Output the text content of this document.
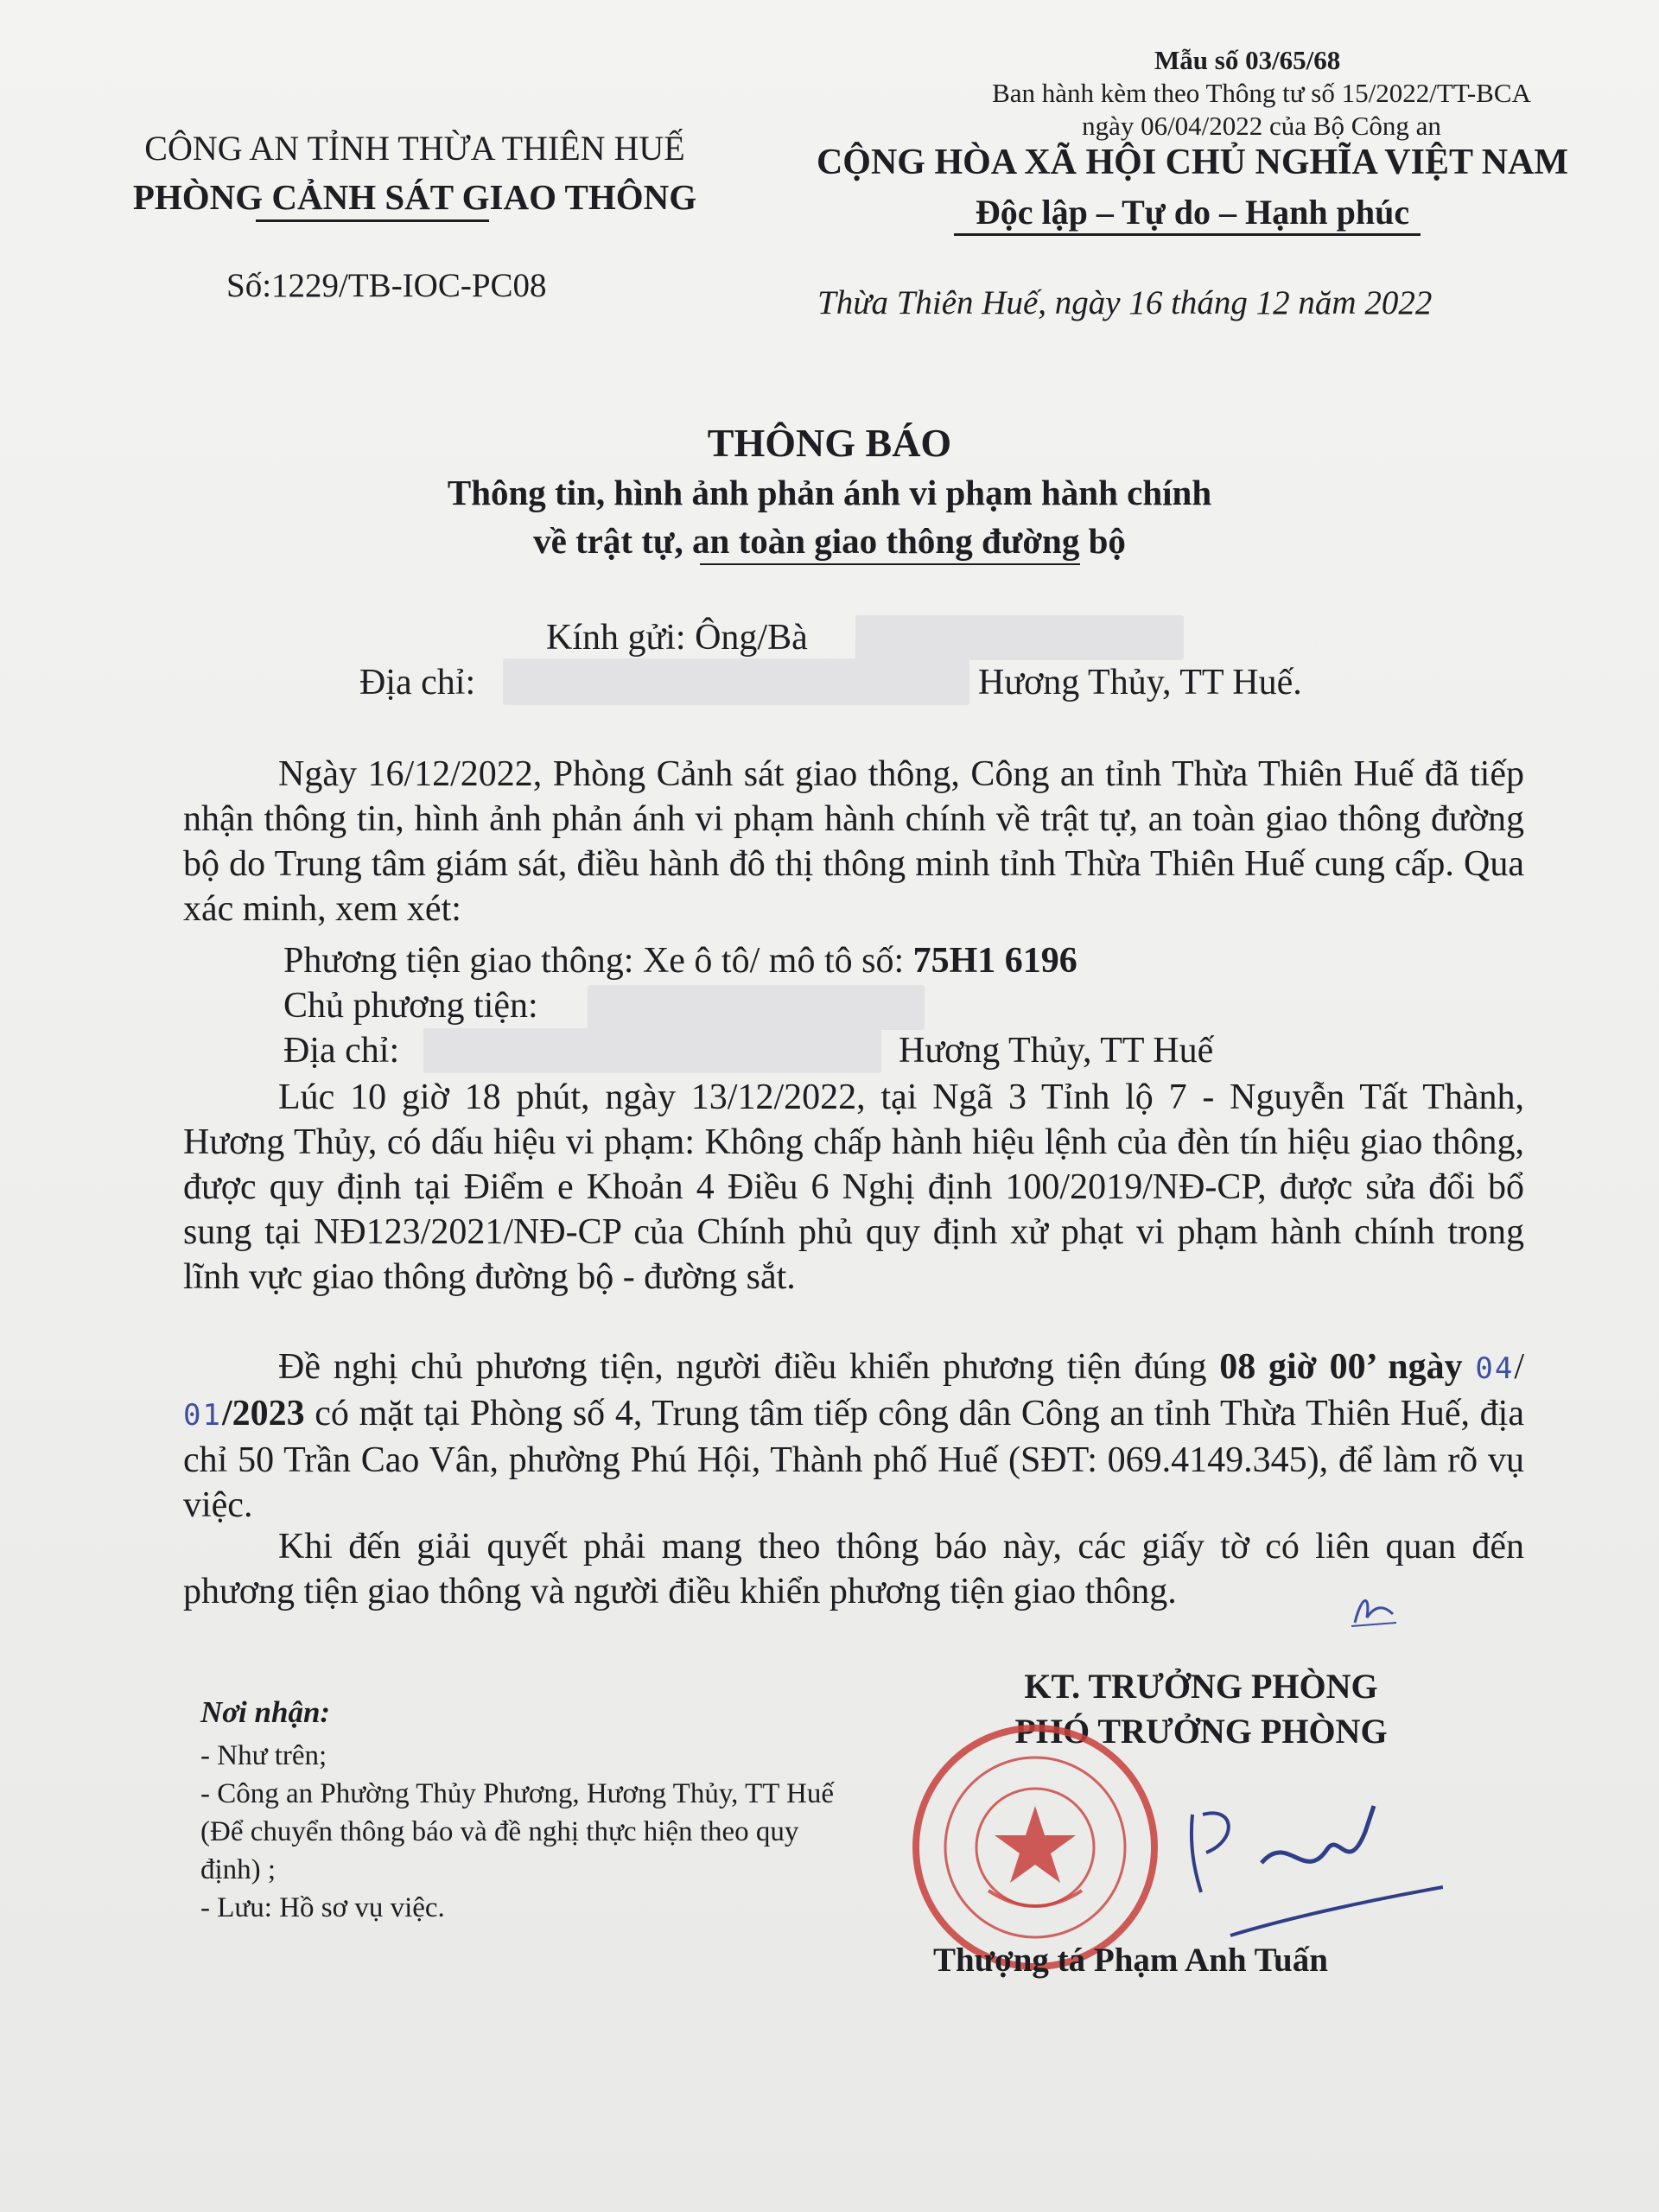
Mẫu số 03/65/68
Ban hành kèm theo Thông tư số 15/2022/TT-BCA
ngày 06/04/2022 của Bộ Công an
CÔNG AN TỈNH THỪA THIÊN HUẾ
PHÒNG CẢNH SÁT GIAO THÔNG
Số:1229/TB-IOC-PC08
CỘNG HÒA XÃ HỘI CHỦ NGHĨA VIỆT NAM
Độc lập – Tự do – Hạnh phúc
Thừa Thiên Huế, ngày 16 tháng 12 năm 2022
THÔNG BÁO
Thông tin, hình ảnh phản ánh vi phạm hành chính
về trật tự, an toàn giao thông đường bộ
Kính gửi: Ông/Bà
Địa chỉ:	Hương Thủy, TT Huế.
Ngày 16/12/2022, Phòng Cảnh sát giao thông, Công an tỉnh Thừa Thiên Huế đã tiếp nhận thông tin, hình ảnh phản ánh vi phạm hành chính về trật tự, an toàn giao thông đường bộ do Trung tâm giám sát, điều hành đô thị thông minh tỉnh Thừa Thiên Huế cung cấp. Qua xác minh, xem xét:
Phương tiện giao thông: Xe ô tô/ mô tô số: 75H1 6196
Chủ phương tiện:
Địa chỉ:	Hương Thủy, TT Huế
Lúc 10 giờ 18 phút, ngày 13/12/2022, tại Ngã 3 Tỉnh lộ 7 - Nguyễn Tất Thành, Hương Thủy, có dấu hiệu vi phạm: Không chấp hành hiệu lệnh của đèn tín hiệu giao thông, được quy định tại Điểm e Khoản 4 Điều 6 Nghị định 100/2019/NĐ-CP, được sửa đổi bổ sung tại NĐ123/2021/NĐ-CP của Chính phủ quy định xử phạt vi phạm hành chính trong lĩnh vực giao thông đường bộ - đường sắt.
Đề nghị chủ phương tiện, người điều khiển phương tiện đúng 08 giờ 00’ ngày 04/ 01/2023 có mặt tại Phòng số 4, Trung tâm tiếp công dân Công an tỉnh Thừa Thiên Huế, địa chỉ 50 Trần Cao Vân, phường Phú Hội, Thành phố Huế (SĐT: 069.4149.345), để làm rõ vụ việc.
Khi đến giải quyết phải mang theo thông báo này, các giấy tờ có liên quan đến phương tiện giao thông và người điều khiển phương tiện giao thông.
Nơi nhận:
- Như trên;
- Công an Phường Thủy Phương, Hương Thủy, TT Huế (Để chuyển thông báo và đề nghị thực hiện theo quy định) ;
- Lưu: Hồ sơ vụ việc.
KT. TRƯỞNG PHÒNG
PHÓ TRƯỞNG PHÒNG
Thượng tá Phạm Anh Tuấn
